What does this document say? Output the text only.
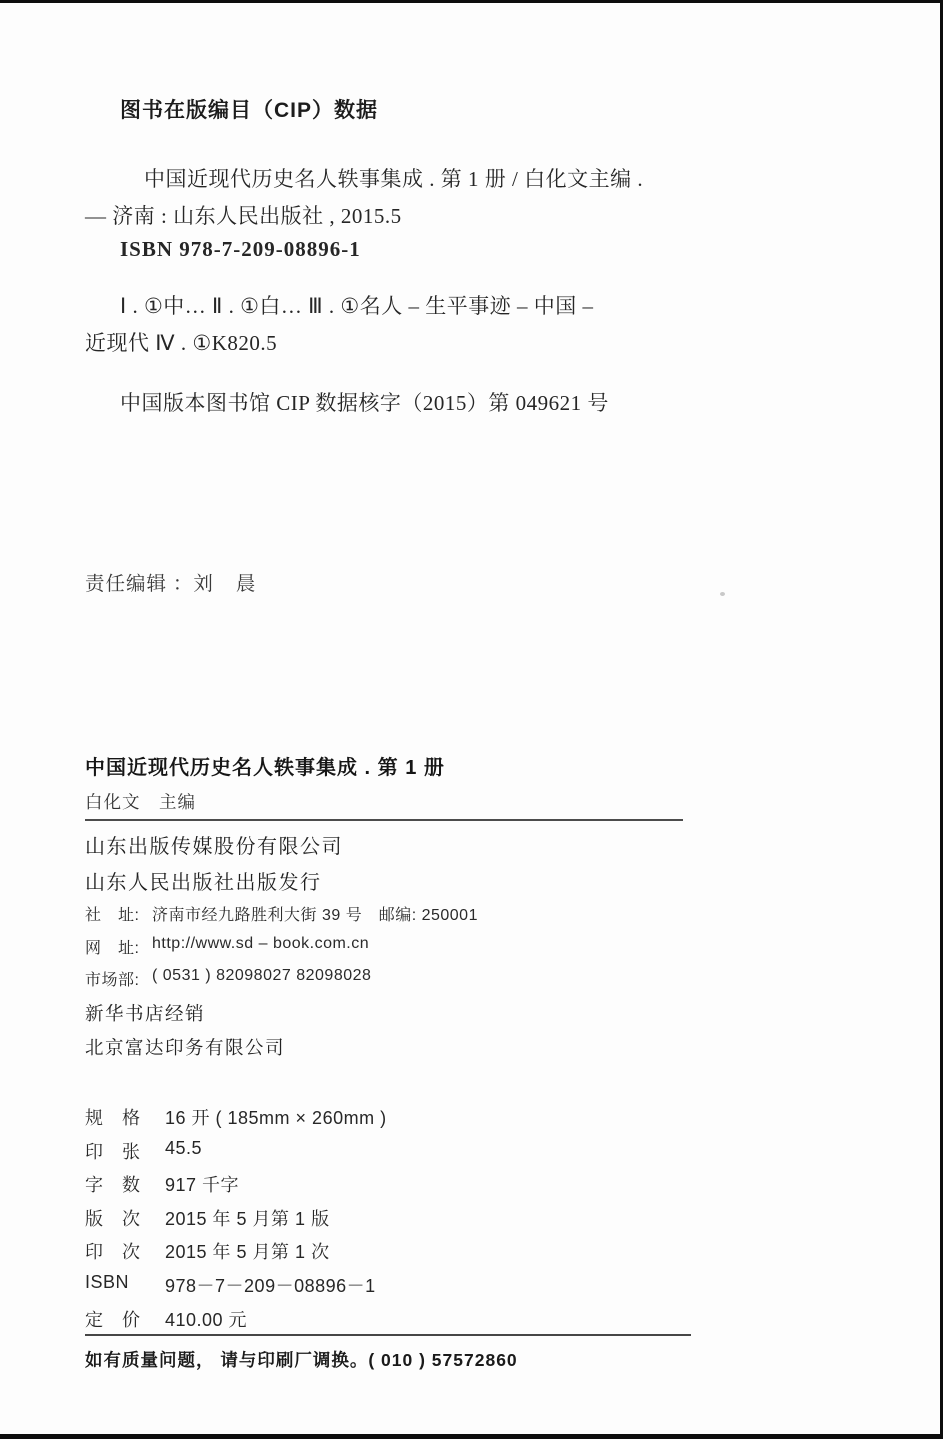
图书在版编目（CIP）数据
中国近现代历史名人轶事集成 . 第 1 册 / 白化文主编 .
— 济南 : 山东人民出版社 , 2015.5
ISBN 978-7-209-08896-1
Ⅰ . ①中… Ⅱ . ①白… Ⅲ . ①名人 – 生平事迹 – 中国 –
近现代 Ⅳ . ①K820.5
中国版本图书馆 CIP 数据核字（2015）第 049621 号
责任编辑 ：刘 晨
中国近现代历史名人轶事集成 . 第 1 册
白化文　主编
山东出版传媒股份有限公司
山东人民出版社出版发行
社　址: 济南市经九路胜利大街 39 号　邮编: 250001
网　址: http://www.sd – book.com.cn
市场部: ( 0531 ) 82098027 82098028
新华书店经销
北京富达印务有限公司
规　格	16 开 ( 185mm × 260mm )
印　张	45.5
字　数	917 千字
版　次	2015 年 5 月第 1 版
印　次	2015 年 5 月第 1 次
ISBN	978－7－209－08896－1
定　价	410.00 元
如有质量问题， 请与印刷厂调换。( 010 ) 57572860
